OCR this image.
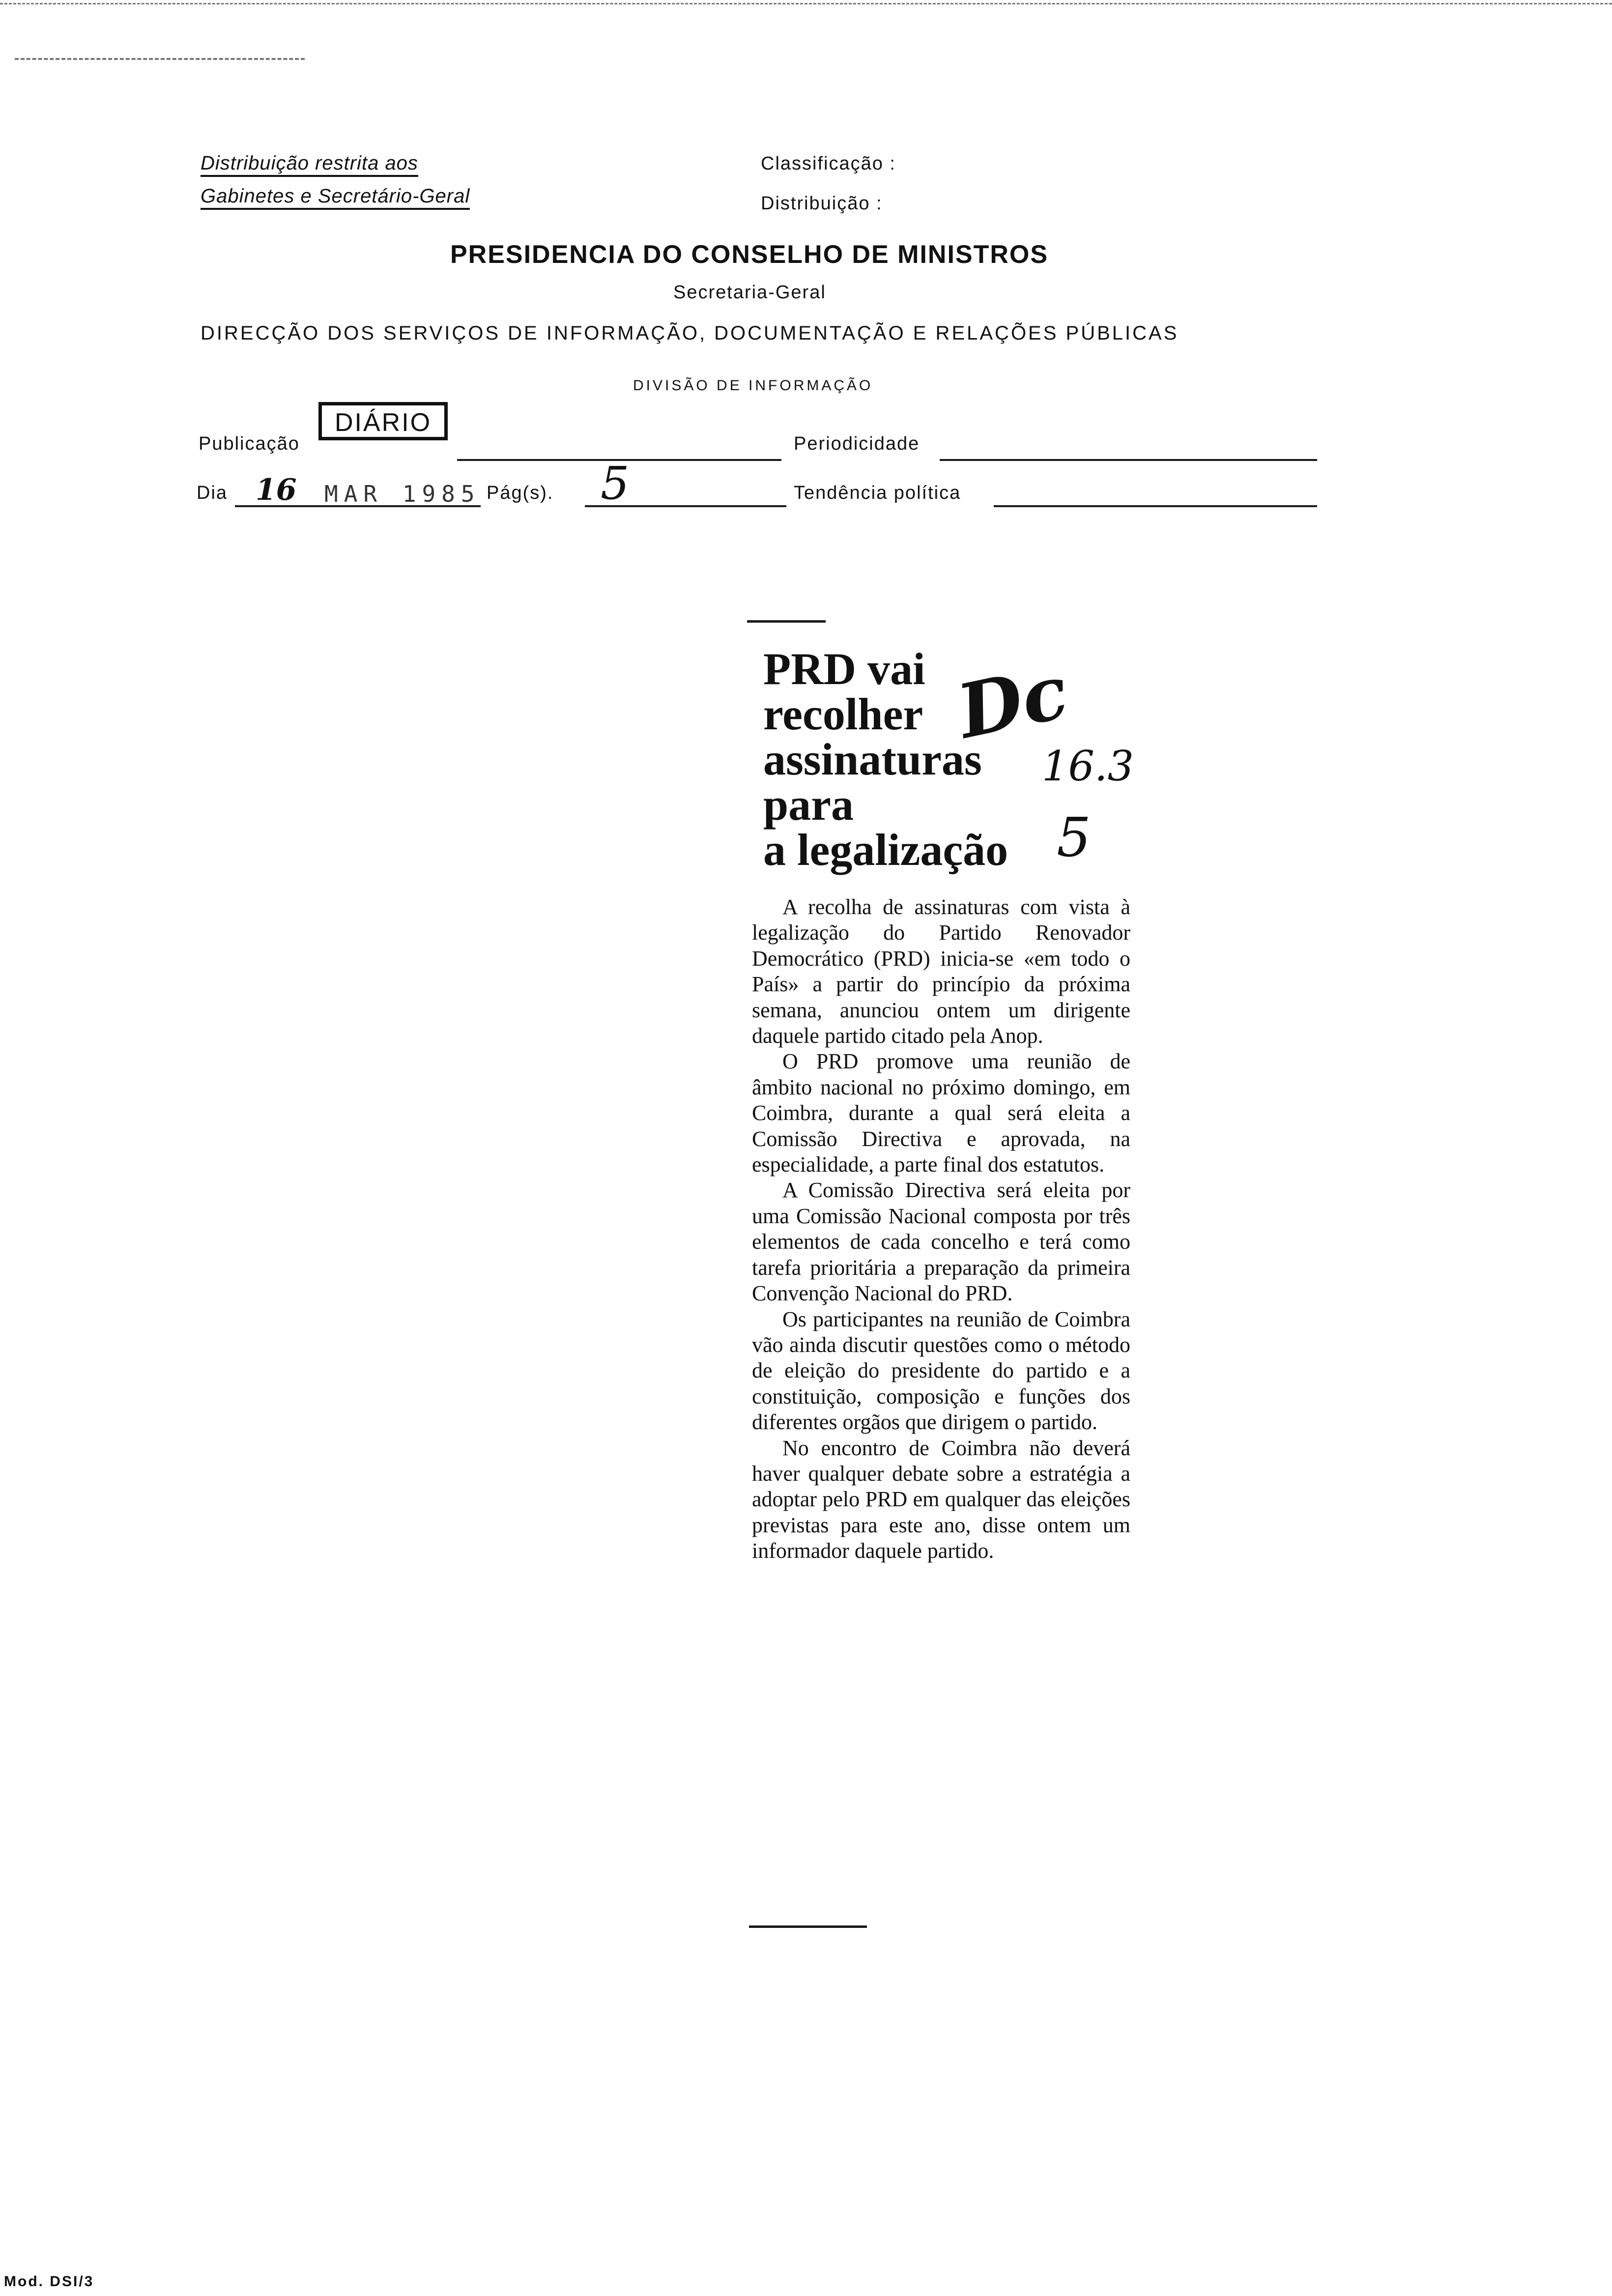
Distribuição restrita aos
Gabinetes e Secretário-Geral
Classificação :
Distribuição :
PRESIDENCIA DO CONSELHO DE MINISTROS
Secretaria-Geral
DIRECÇÃO DOS SERVIÇOS DE INFORMAÇÃO, DOCUMENTAÇÃO E RELAÇÕES PÚBLICAS
DIVISÃO DE INFORMAÇÃO
Publicação
DIÁRIO
Periodicidade
Dia 16 MAR 1985 Pág(s). 5	Tendência política
PRD vai
recolher
assinaturas
para
a legalização
Dc
16.3
5

A recolha de assinaturas com vista à legalização do Partido Renovador Democrático (PRD) inicia-se «em todo o País» a partir do princípio da próxima semana, anunciou ontem um dirigente daquele partido citado pela Anop.

O PRD promove uma reunião de âmbito nacional no próximo domingo, em Coimbra, durante a qual será eleita a Comissão Directiva e aprovada, na especialidade, a parte final dos estatutos.

A Comissão Directiva será eleita por uma Comissão Nacional composta por três elementos de cada concelho e terá como tarefa prioritária a preparação da primeira Convenção Nacional do PRD.

Os participantes na reunião de Coimbra vão ainda discutir questões como o método de eleição do presidente do partido e a constituição, composição e funções dos diferentes orgãos que dirigem o partido.

No encontro de Coimbra não deverá haver qualquer debate sobre a estratégia a adoptar pelo PRD em qualquer das eleições previstas para este ano, disse ontem um informador daquele partido.

Mod. DSI/3
